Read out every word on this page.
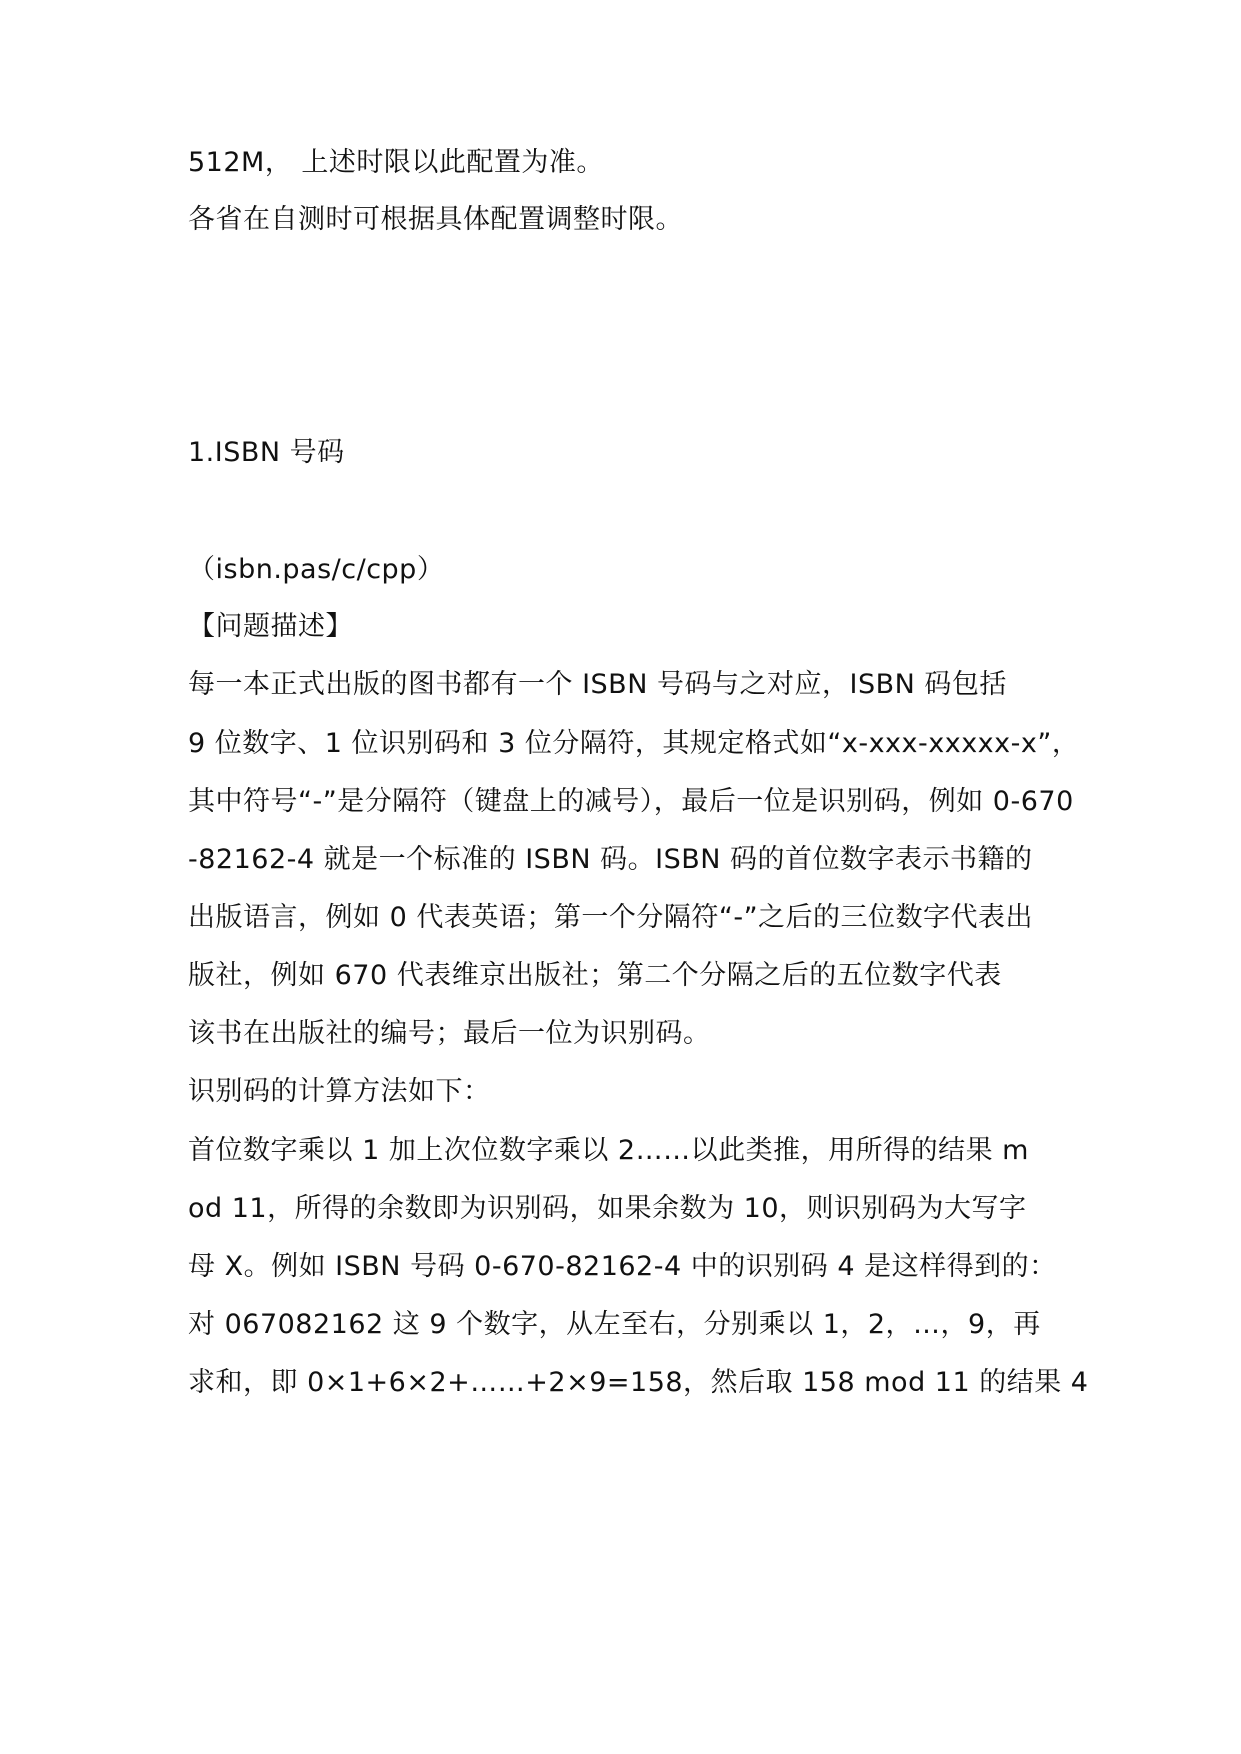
512M， 上述时限以此配置为准。
各省在自测时可根据具体配置调整时限。
1.ISBN 号码
（isbn.pas/c/cpp）
【问题描述】
每一本正式出版的图书都有一个 ISBN 号码与之对应，ISBN 码包括
9 位数字、1 位识别码和 3 位分隔符，其规定格式如“x-xxx-xxxxx-x”，
其中符号“-”是分隔符（键盘上的减号），最后一位是识别码，例如 0-670
-82162-4 就是一个标准的 ISBN 码。ISBN 码的首位数字表示书籍的
出版语言，例如 0 代表英语；第一个分隔符“-”之后的三位数字代表出
版社，例如 670 代表维京出版社；第二个分隔之后的五位数字代表
该书在出版社的编号；最后一位为识别码。
识别码的计算方法如下：
首位数字乘以 1 加上次位数字乘以 2……以此类推，用所得的结果 m
od 11，所得的余数即为识别码，如果余数为 10，则识别码为大写字
母 X。例如 ISBN 号码 0-670-82162-4 中的识别码 4 是这样得到的：
对 067082162 这 9 个数字，从左至右，分别乘以 1，2，…，9，再
求和，即 0×1+6×2+……+2×9=158，然后取 158 mod 11 的结果 4
